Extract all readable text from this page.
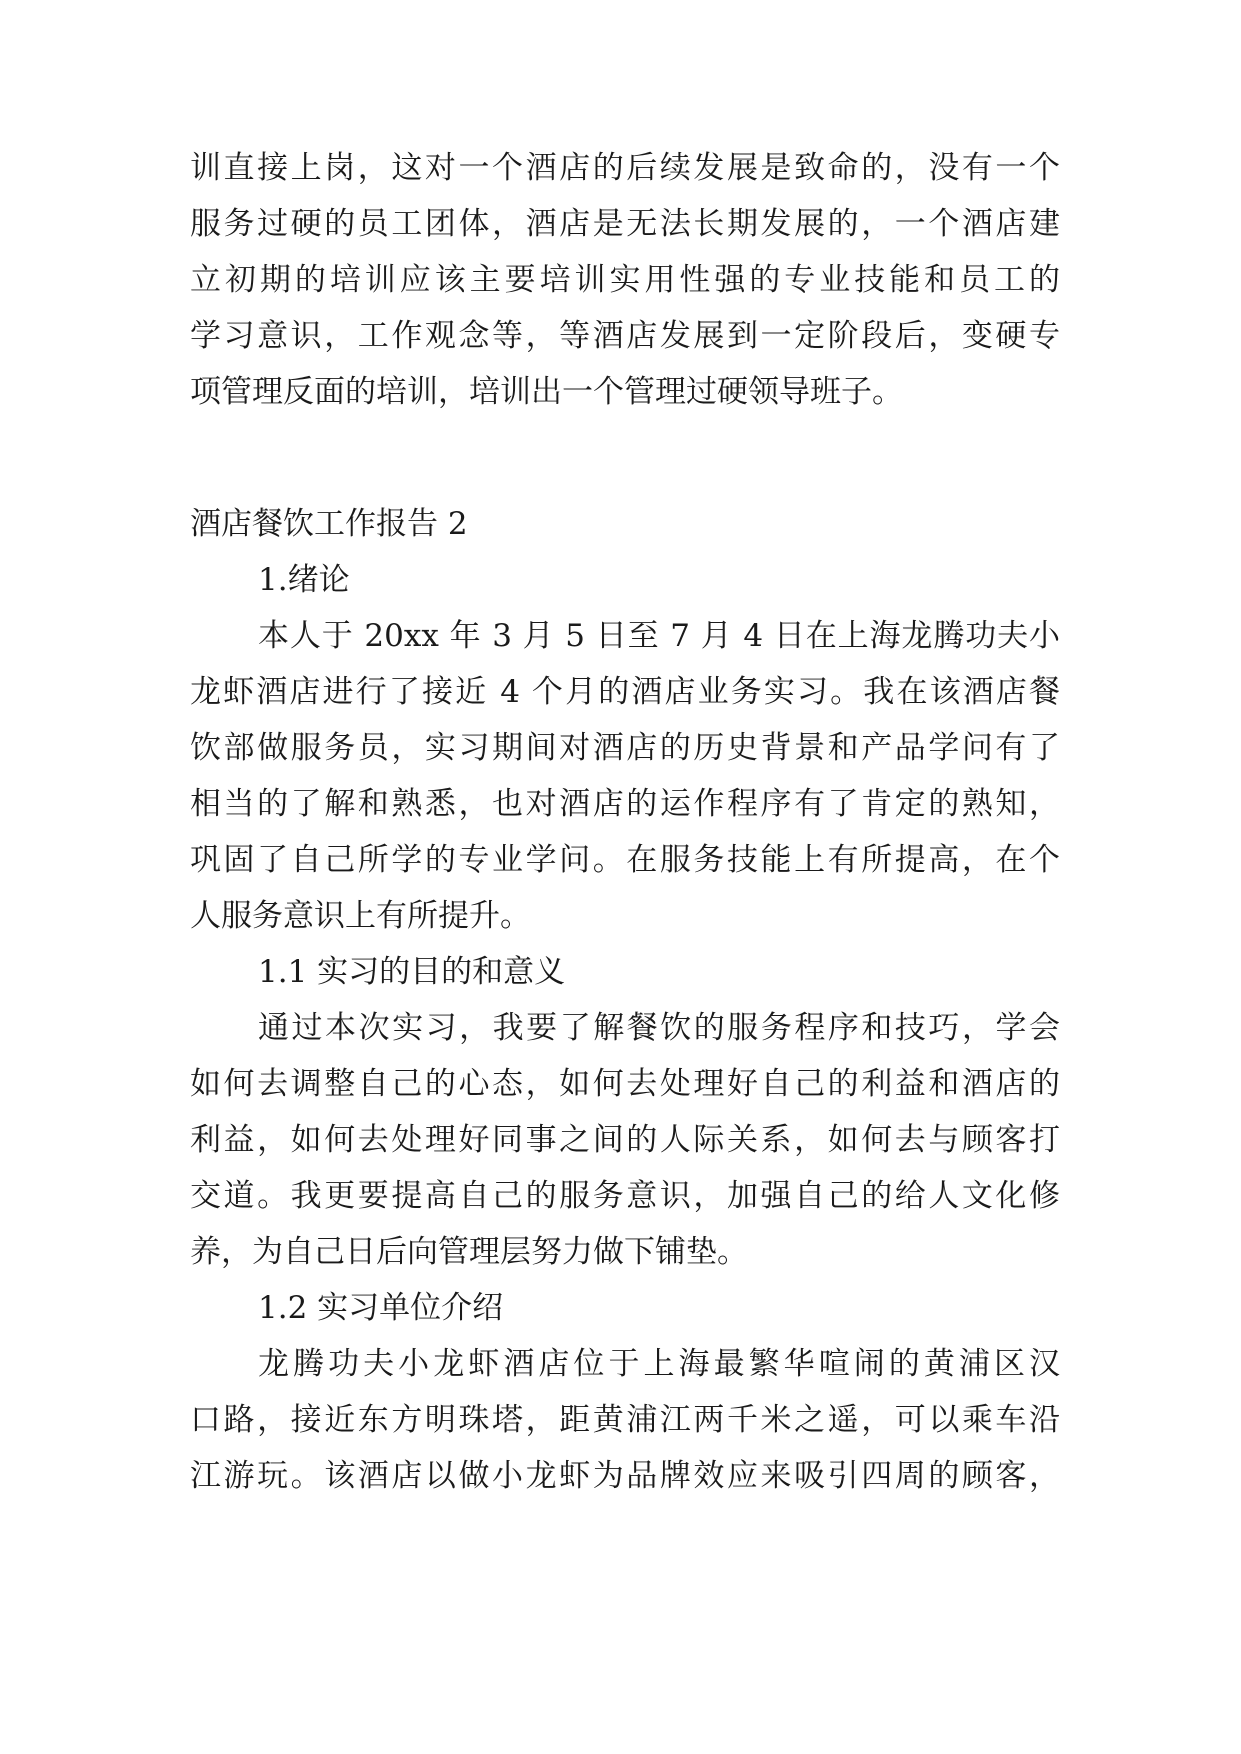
训直接上岗，这对一个酒店的后续发展是致命的，没有一个
服务过硬的员工团体，酒店是无法长期发展的，一个酒店建
立初期的培训应该主要培训实用性强的专业技能和员工的
学习意识，工作观念等，等酒店发展到一定阶段后，变硬专
项管理反面的培训，培训出一个管理过硬领导班子。
酒店餐饮工作报告 2
1.绪论
本人于 20xx 年 3 月 5 日至 7 月 4 日在上海龙腾功夫小
龙虾酒店进行了接近 4 个月的酒店业务实习。我在该酒店餐
饮部做服务员，实习期间对酒店的历史背景和产品学问有了
相当的了解和熟悉，也对酒店的运作程序有了肯定的熟知，
巩固了自己所学的专业学问。在服务技能上有所提高，在个
人服务意识上有所提升。
1.1 实习的目的和意义
通过本次实习，我要了解餐饮的服务程序和技巧，学会
如何去调整自己的心态，如何去处理好自己的利益和酒店的
利益，如何去处理好同事之间的人际关系，如何去与顾客打
交道。我更要提高自己的服务意识，加强自己的给人文化修
养，为自己日后向管理层努力做下铺垫。
1.2 实习单位介绍
龙腾功夫小龙虾酒店位于上海最繁华喧闹的黄浦区汉
口路，接近东方明珠塔，距黄浦江两千米之遥，可以乘车沿
江游玩。该酒店以做小龙虾为品牌效应来吸引四周的顾客，
